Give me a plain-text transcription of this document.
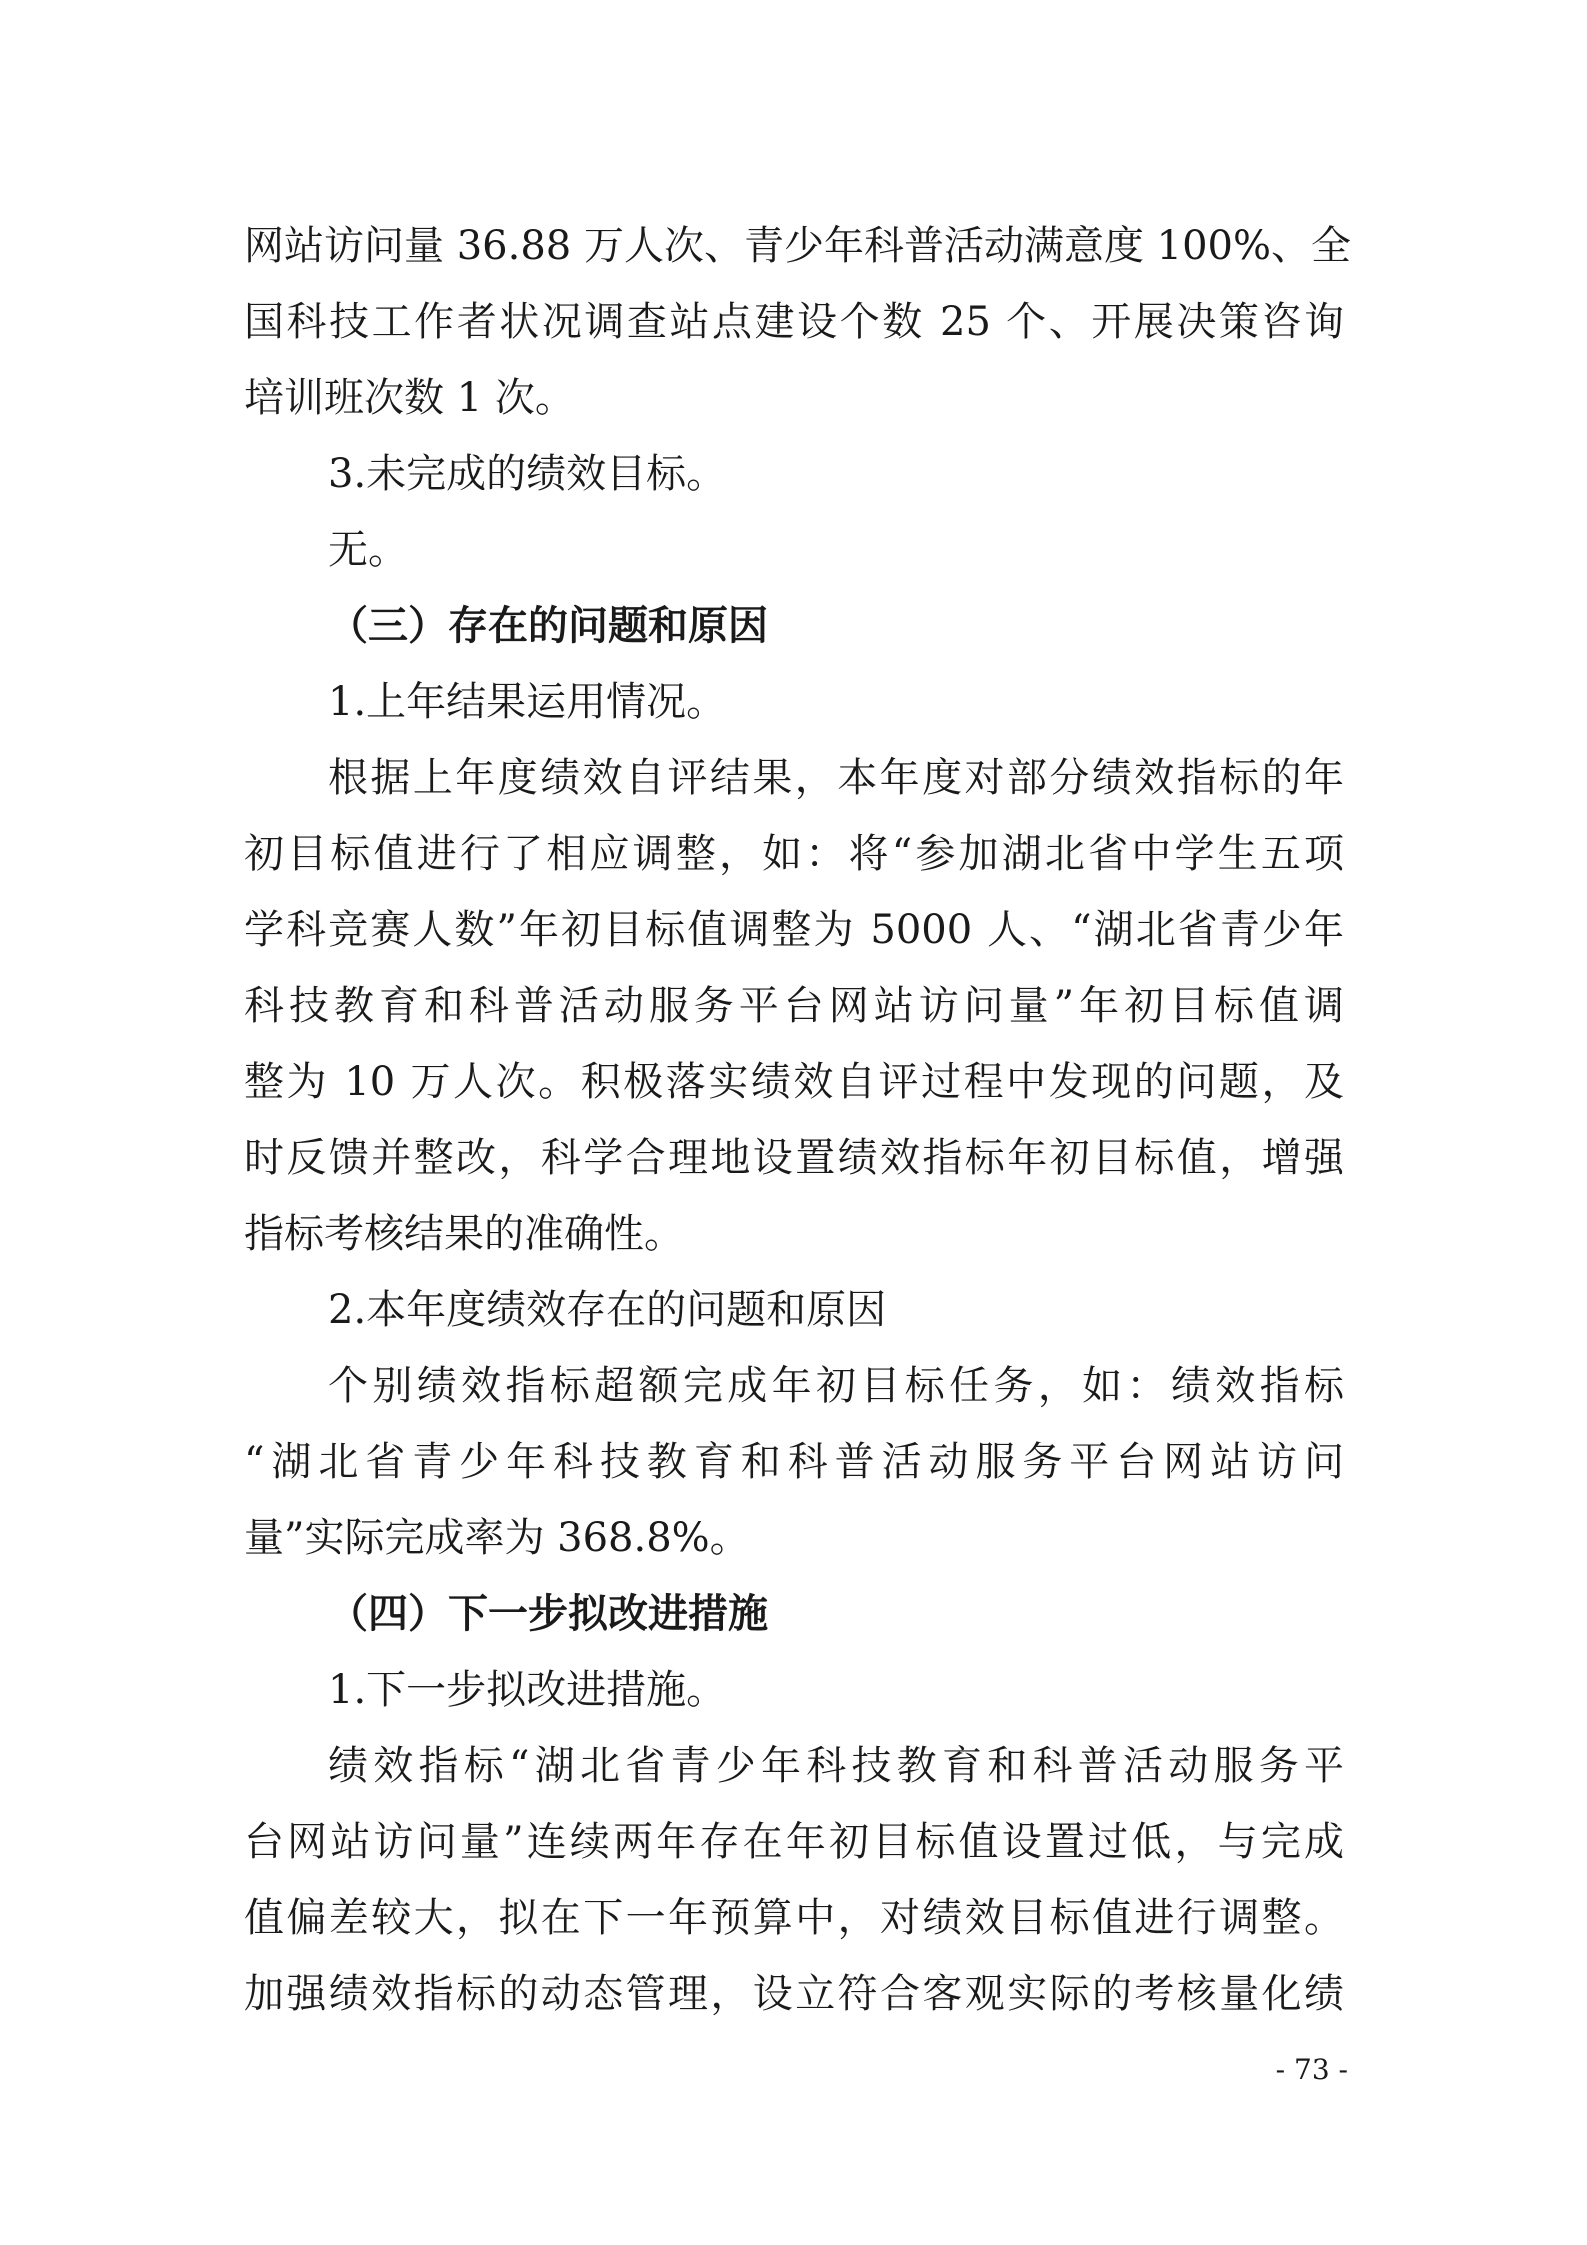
网站访问量 36.88 万人次、青少年科普活动满意度 100%、全
国科技工作者状况调查站点建设个数 25 个、开展决策咨询
培训班次数 1 次。
3.未完成的绩效目标。
无。
（三）存在的问题和原因
1.上年结果运用情况。
根据上年度绩效自评结果，本年度对部分绩效指标的年
初目标值进行了相应调整，如：将“参加湖北省中学生五项
学科竞赛人数”年初目标值调整为 5000 人、“湖北省青少年
科技教育和科普活动服务平台网站访问量”年初目标值调
整为 10 万人次。积极落实绩效自评过程中发现的问题，及
时反馈并整改，科学合理地设置绩效指标年初目标值，增强
指标考核结果的准确性。
2.本年度绩效存在的问题和原因
个别绩效指标超额完成年初目标任务，如：绩效指标
“湖北省青少年科技教育和科普活动服务平台网站访问
量”实际完成率为 368.8%。
（四）下一步拟改进措施
1.下一步拟改进措施。
绩效指标“湖北省青少年科技教育和科普活动服务平
台网站访问量”连续两年存在年初目标值设置过低，与完成
值偏差较大，拟在下一年预算中，对绩效目标值进行调整。
加强绩效指标的动态管理，设立符合客观实际的考核量化绩
- 73 -
